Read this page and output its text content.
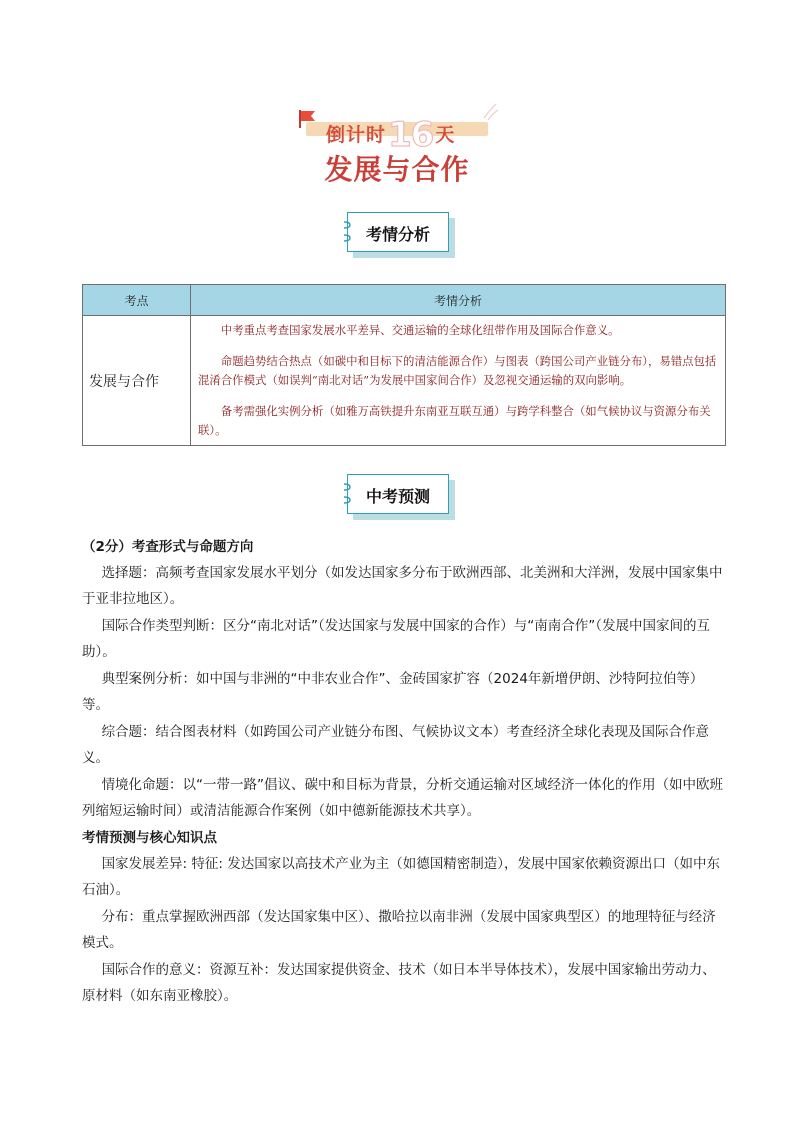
倒计时16 天
发展与合作
考情分析
考点	考情分析
发展与合作	中考重点考查国家发展水平差异、交通运输的全球化纽带作用及国际合作意义。

命题趋势结合热点（如碳中和目标下的清洁能源合作）与图表（跨国公司产业链分布），易错点包括混淆合作模式（如误判“南北对话”为发展中国家间合作）及忽视交通运输的双向影响。

备考需强化实例分析（如雅万高铁提升东南亚互联互通）与跨学科整合（如气候协议与资源分布关联）。

中考预测
（2分）考查形式与命题方向

选择题：高频考查国家发展水平划分（如发达国家多分布于欧洲西部、北美洲和大洋洲，发展中国家集中于亚非拉地区）。

国际合作类型判断：区分“南北对话”（发达国家与发展中国家的合作）与“南南合作”（发展中国家间的互助）。

典型案例分析：如中国与非洲的“中非农业合作”、金砖国家扩容（2024年新增伊朗、沙特阿拉伯等）等。

综合题：结合图表材料（如跨国公司产业链分布图、气候协议文本）考查经济全球化表现及国际合作意义。

情境化命题：以“一带一路”倡议、碳中和目标为背景，分析交通运输对区域经济一体化的作用（如中欧班列缩短运输时间）或清洁能源合作案例（如中德新能源技术共享）。

考情预测与核心知识点

国家发展差异: 特征: 发达国家以高技术产业为主（如德国精密制造），发展中国家依赖资源出口（如中东石油）。

分布：重点掌握欧洲西部（发达国家集中区）、撒哈拉以南非洲（发展中国家典型区）的地理特征与经济模式。

国际合作的意义：资源互补：发达国家提供资金、技术（如日本半导体技术），发展中国家输出劳动力、原材料（如东南亚橡胶）。
